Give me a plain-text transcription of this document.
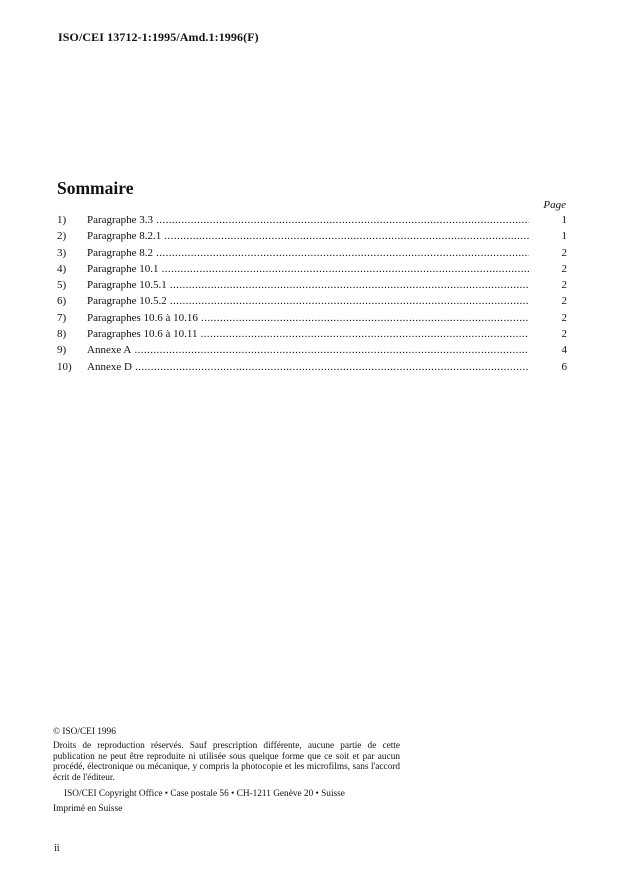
ISO/CEI 13712-1:1995/Amd.1:1996(F)
Sommaire
Page
1) Paragraphe 3.3 .....	1
2) Paragraphe 8.2.1 .....	1
3) Paragraphe 8.2 .....	2
4) Paragraphe 10.1 .....	2
5) Paragraphe 10.5.1 .....	2
6) Paragraphe 10.5.2 .....	2
7) Paragraphes 10.6 à 10.16 .....	2
8) Paragraphes 10.6 à 10.11 .....	2
9) Annexe A .....	4
10) Annexe D .....	6
© ISO/CEI 1996
Droits de reproduction réservés. Sauf prescription différente, aucune partie de cette publication ne peut être reproduite ni utilisée sous quelque forme que ce soit et par aucun procédé, électronique ou mécanique, y compris la photocopie et les microfilms, sans l'accord écrit de l'éditeur.
ISO/CEI Copyright Office • Case postale 56 • CH-1211 Genève 20 • Suisse
Imprimé en Suisse
ii
